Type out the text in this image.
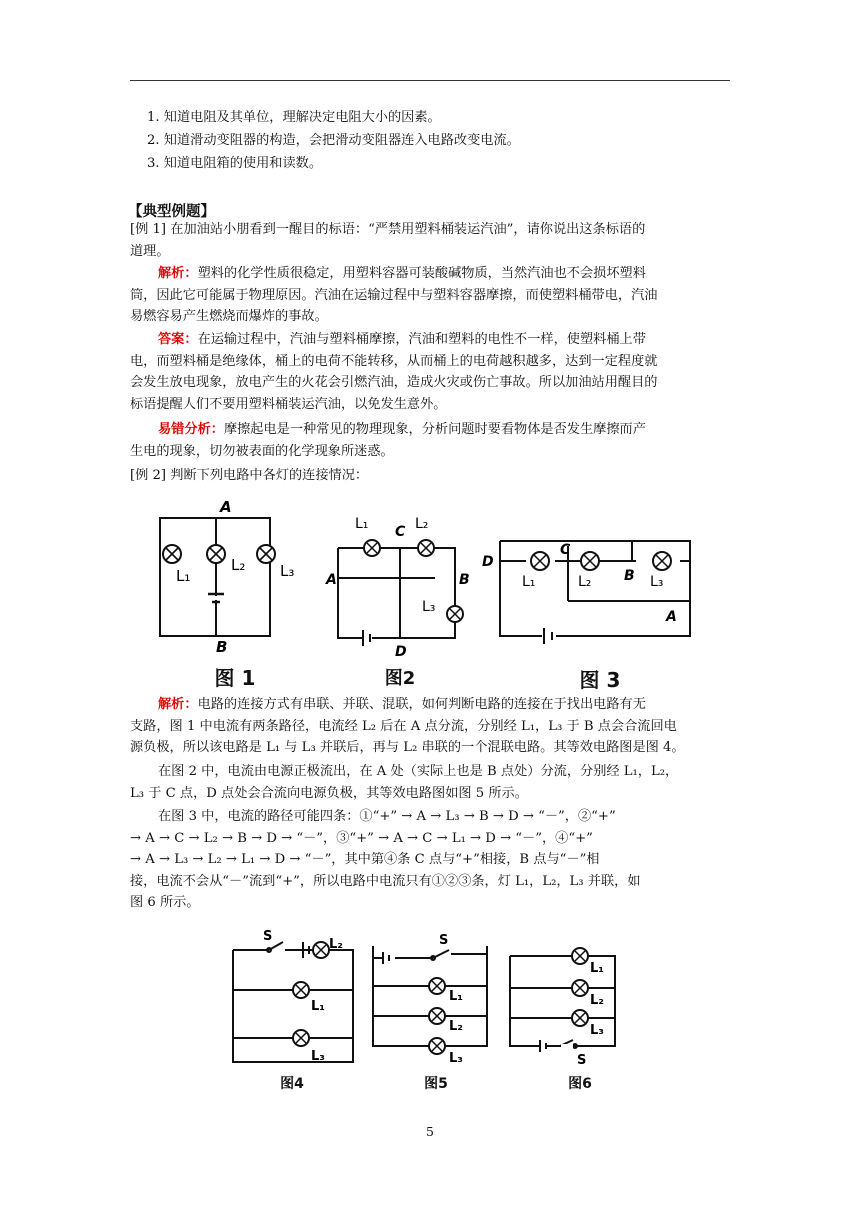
1. 知道电阻及其单位，理解决定电阻大小的因素。
2. 知道滑动变阻器的构造，会把滑动变阻器连入电路改变电流。
3. 知道电阻箱的使用和读数。
【典型例题】
[例 1] 在加油站小朋看到一醒目的标语：“严禁用塑料桶装运汽油”，请你说出这条标语的
道理。
解析：塑料的化学性质很稳定，用塑料容器可装酸碱物质，当然汽油也不会损坏塑料
筒，因此它可能属于物理原因。汽油在运输过程中与塑料容器摩擦，而使塑料桶带电，汽油
易燃容易产生燃烧而爆炸的事故。
答案：在运输过程中，汽油与塑料桶摩擦，汽油和塑料的电性不一样，使塑料桶上带
电，而塑料桶是绝缘体，桶上的电荷不能转移，从而桶上的电荷越积越多，达到一定程度就
会发生放电现象，放电产生的火花会引燃汽油，造成火灾或伤亡事故。所以加油站用醒目的
标语提醒人们不要用塑料桶装运汽油，以免发生意外。
易错分析：摩擦起电是一种常见的物理现象，分析问题时要看物体是否发生摩擦而产
生电的现象，切勿被表面的化学现象所迷惑。
[例 2] 判断下列电路中各灯的连接情况：
A
B
L₁
L₂ L₃
L₁ C L₂
A	B
L₃
D
D
C
L₁	L₂ B L₃
A
图 1	图2	图 3
解析：电路的连接方式有串联、并联、混联，如何判断电路的连接在于找出电路有无
支路，图 1 中电流有两条路径，电流经 L₂ 后在 A 点分流，分别经 L₁，L₃ 于 B 点会合流回电
源负极，所以该电路是 L₁ 与 L₃ 并联后，再与 L₂ 串联的一个混联电路。其等效电路图是图 4。
在图 2 中，电流由电源正极流出，在 A 处（实际上也是 B 点处）分流，分别经 L₁，L₂，
L₃ 于 C 点，D 点处会合流向电源负极，其等效电路图如图 5 所示。
在图 3 中，电流的路径可能四条：①“+” → A → L₃ → B → D → “－”，②“+”
→ A → C → L₂ → B → D → “－”，③“+” → A → C → L₁ → D → “－”，④“+”
→ A → L₃ → L₂ → L₁ → D → “－”，其中第④条 C 点与“+”相接，B 点与“－”相
接，电流不会从“－”流到“+”，所以电路中电流只有①②③条，灯 L₁，L₂，L₃ 并联，如
图 6 所示。
S
L₂
L₁
L₃
S
L₁
L₂
L₃
L₁
L₂
L₃
S
图4	图5	图6
5
